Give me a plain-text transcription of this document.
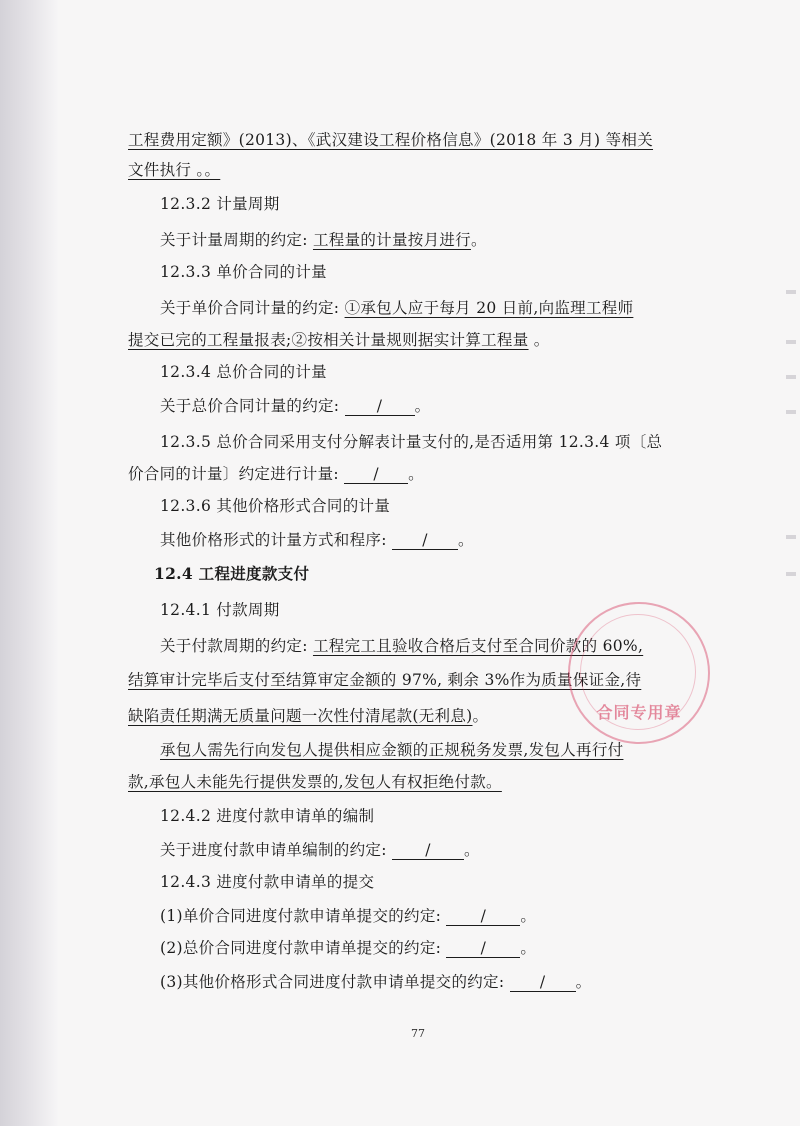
工程费用定额》(2013)、《武汉建设工程价格信息》(2018 年 3 月) 等相关
文件执行 。。
12.3.2 计量周期
关于计量周期的约定: 工程量的计量按月进行。
12.3.3 单价合同的计量
关于单价合同计量的约定: ①承包人应于每月 20 日前,向监理工程师
提交已完的工程量报表;②按相关计量规则据实计算工程量 。
12.3.4 总价合同的计量
关于总价合同计量的约定: / 。
12.3.5 总价合同采用支付分解表计量支付的,是否适用第 12.3.4 项〔总
价合同的计量〕约定进行计量: / 。
12.3.6 其他价格形式合同的计量
其他价格形式的计量方式和程序: / 。
12.4 工程进度款支付
12.4.1 付款周期
关于付款周期的约定: 工程完工且验收合格后支付至合同价款的 60%,
结算审计完毕后支付至结算审定金额的 97%, 剩余 3%作为质量保证金,待
缺陷责任期满无质量问题一次性付清尾款(无利息)。
承包人需先行向发包人提供相应金额的正规税务发票,发包人再行付
款,承包人未能先行提供发票的,发包人有权拒绝付款。
12.4.2 进度付款申请单的编制
关于进度付款申请单编制的约定: / 。
12.4.3 进度付款申请单的提交
(1)单价合同进度付款申请单提交的约定:	/ 。
(2)总价合同进度付款申请单提交的约定:	/ 。
(3)其他价格形式合同进度付款申请单提交的约定: / 。
合同专用章
77
